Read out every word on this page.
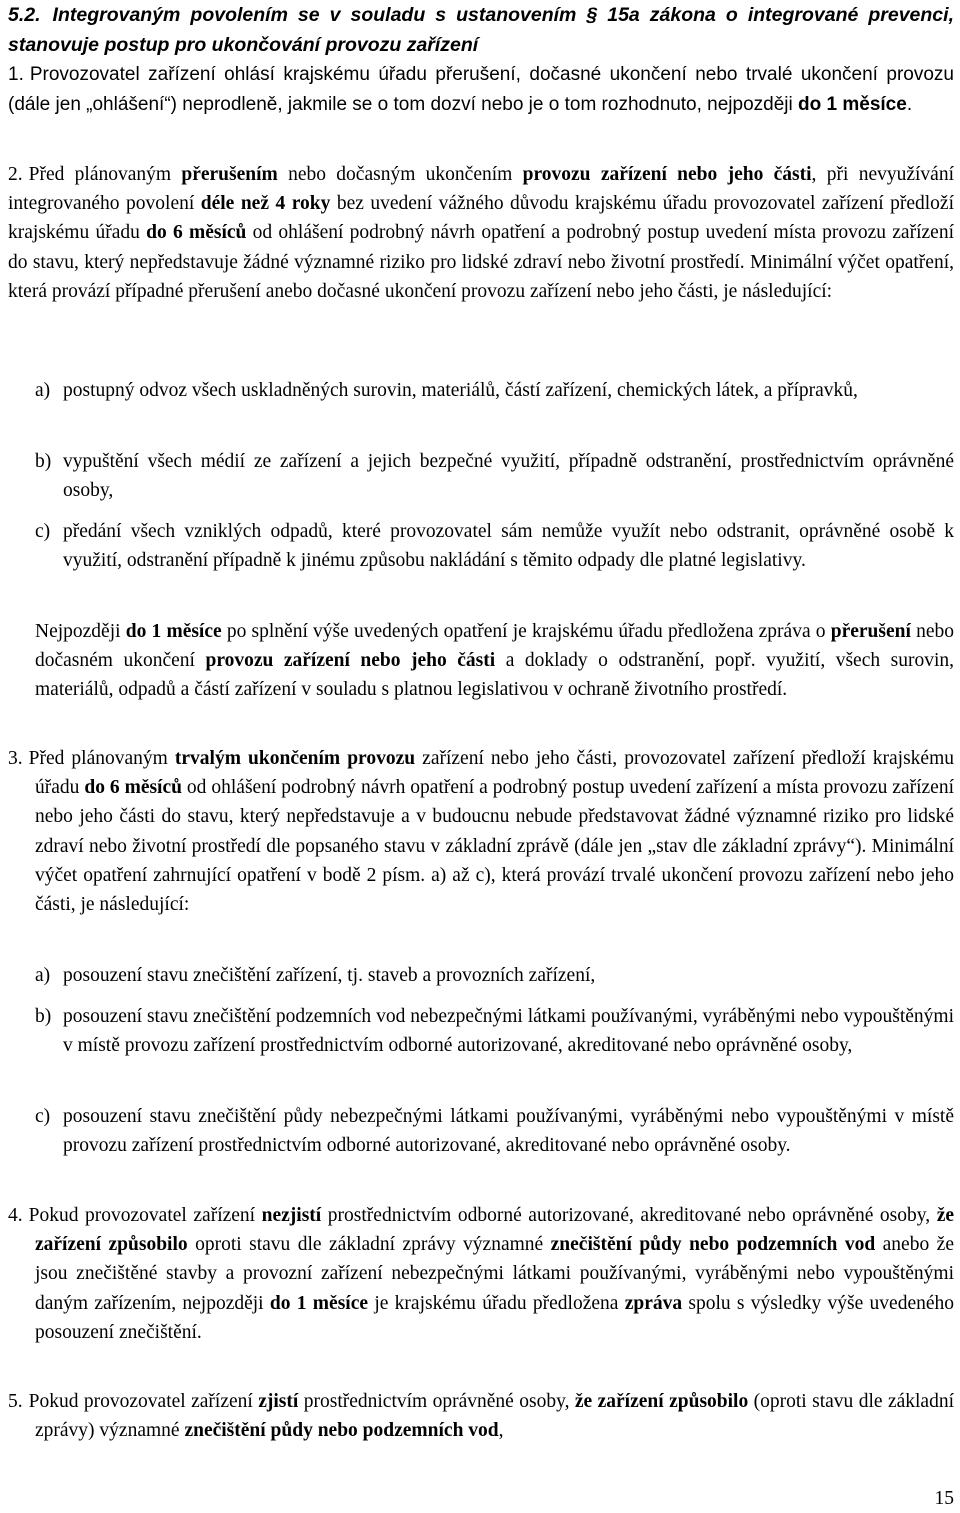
5.2. Integrovaným povolením se v souladu s ustanovením § 15a zákona o integrované prevenci, stanovuje postup pro ukončování provozu zařízení
1. Provozovatel zařízení ohlásí krajskému úřadu přerušení, dočasné ukončení nebo trvalé ukončení provozu (dále jen „ohlášení“) neprodleně, jakmile se o tom dozví nebo je o tom rozhodnuto, nejpozději do 1 měsíce.
2. Před plánovaným přerušením nebo dočasným ukončením provozu zařízení nebo jeho části, při nevyužívání integrovaného povolení déle než 4 roky bez uvedení vážného důvodu krajskému úřadu provozovatel zařízení předloží krajskému úřadu do 6 měsíců od ohlášení podrobný návrh opatření a podrobný postup uvedení místa provozu zařízení do stavu, který nepředstavuje žádné významné riziko pro lidské zdraví nebo životní prostředí. Minimální výčet opatření, která provází případné přerušení anebo dočasné ukončení provozu zařízení nebo jeho části, je následující:
a) postupný odvoz všech uskladněných surovin, materiálů, částí zařízení, chemických látek, a přípravků,
b) vypuštění všech médií ze zařízení a jejich bezpečné využití, případně odstranění, prostřednictvím oprávněné osoby,
c) předání všech vzniklých odpadů, které provozovatel sám nemůže využít nebo odstranit, oprávněné osobě k využití, odstranění případně k jinému způsobu nakládání s těmito odpady dle platné legislativy.
Nejpozději do 1 měsíce po splnění výše uvedených opatření je krajskému úřadu předložena zpráva o přerušení nebo dočasném ukončení provozu zařízení nebo jeho části a doklady o odstranění, popř. využití, všech surovin, materiálů, odpadů a částí zařízení v souladu s platnou legislativou v ochraně životního prostředí.
3. Před plánovaným trvalým ukončením provozu zařízení nebo jeho části, provozovatel zařízení předloží krajskému úřadu do 6 měsíců od ohlášení podrobný návrh opatření a podrobný postup uvedení zařízení a místa provozu zařízení nebo jeho části do stavu, který nepředstavuje a v budoucnu nebude představovat žádné významné riziko pro lidské zdraví nebo životní prostředí dle popsaného stavu v základní zprávě (dále jen „stav dle základní zprávy“). Minimální výčet opatření zahrnující opatření v bodě 2 písm. a) až c), která provází trvalé ukončení provozu zařízení nebo jeho části, je následující:
a) posouzení stavu znečištění zařízení, tj. staveb a provozních zařízení,
b) posouzení stavu znečištění podzemních vod nebezpečnými látkami používanými, vyráběnými nebo vypouštěnými v místě provozu zařízení prostřednictvím odborné autorizované, akreditované nebo oprávněné osoby,
c) posouzení stavu znečištění půdy nebezpečnými látkami používanými, vyráběnými nebo vypouštěnými v místě provozu zařízení prostřednictvím odborné autorizované, akreditované nebo oprávněné osoby.
4. Pokud provozovatel zařízení nezjistí prostřednictvím odborné autorizované, akreditované nebo oprávněné osoby, že zařízení způsobilo oproti stavu dle základní zprávy významné znečištění půdy nebo podzemních vod anebo že jsou znečištěné stavby a provozní zařízení nebezpečnými látkami používanými, vyráběnými nebo vypouštěnými daným zařízením, nejpozději do 1 měsíce je krajskému úřadu předložena zpráva spolu s výsledky výše uvedeného posouzení znečištění.
5. Pokud provozovatel zařízení zjistí prostřednictvím oprávněné osoby, že zařízení způsobilo (oproti stavu dle základní zprávy) významné znečištění půdy nebo podzemních vod,
15
